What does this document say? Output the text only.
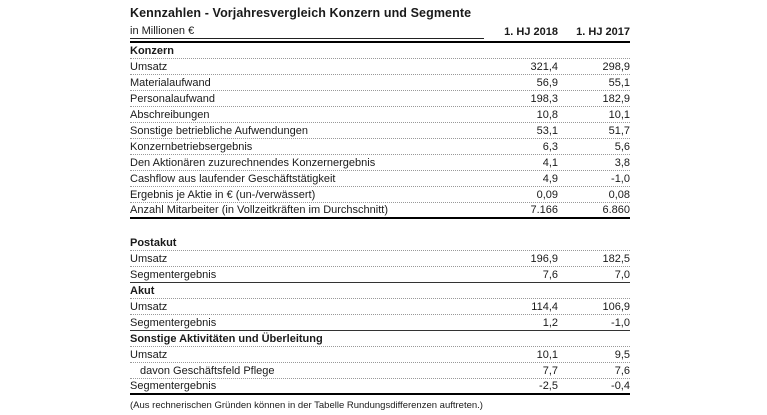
Kennzahlen - Vorjahresvergleich Konzern und Segmente
in Millionen €	1. HJ 2018	1. HJ 2017
Konzern
Umsatz	321,4	298,9
Materialaufwand	56,9	55,1
Personalaufwand	198,3	182,9
Abschreibungen	10,8	10,1
Sonstige betriebliche Aufwendungen	53,1	51,7
Konzernbetriebsergebnis	6,3	5,6
Den Aktionären zuzurechnendes Konzernergebnis	4,1	3,8
Cashflow aus laufender Geschäftstätigkeit	4,9	-1,0
Ergebnis je Aktie in € (un-/verwässert)	0,09	0,08
Anzahl Mitarbeiter (in Vollzeitkräften im Durchschnitt)	7.166	6.860
Postakut
Umsatz	196,9	182,5
Segmentergebnis	7,6	7,0
Akut
Umsatz	114,4	106,9
Segmentergebnis	1,2	-1,0
Sonstige Aktivitäten und Überleitung
Umsatz	10,1	9,5
davon Geschäftsfeld Pflege	7,7	7,6
Segmentergebnis	-2,5	-0,4
(Aus rechnerischen Gründen können in der Tabelle Rundungsdifferenzen auftreten.)
